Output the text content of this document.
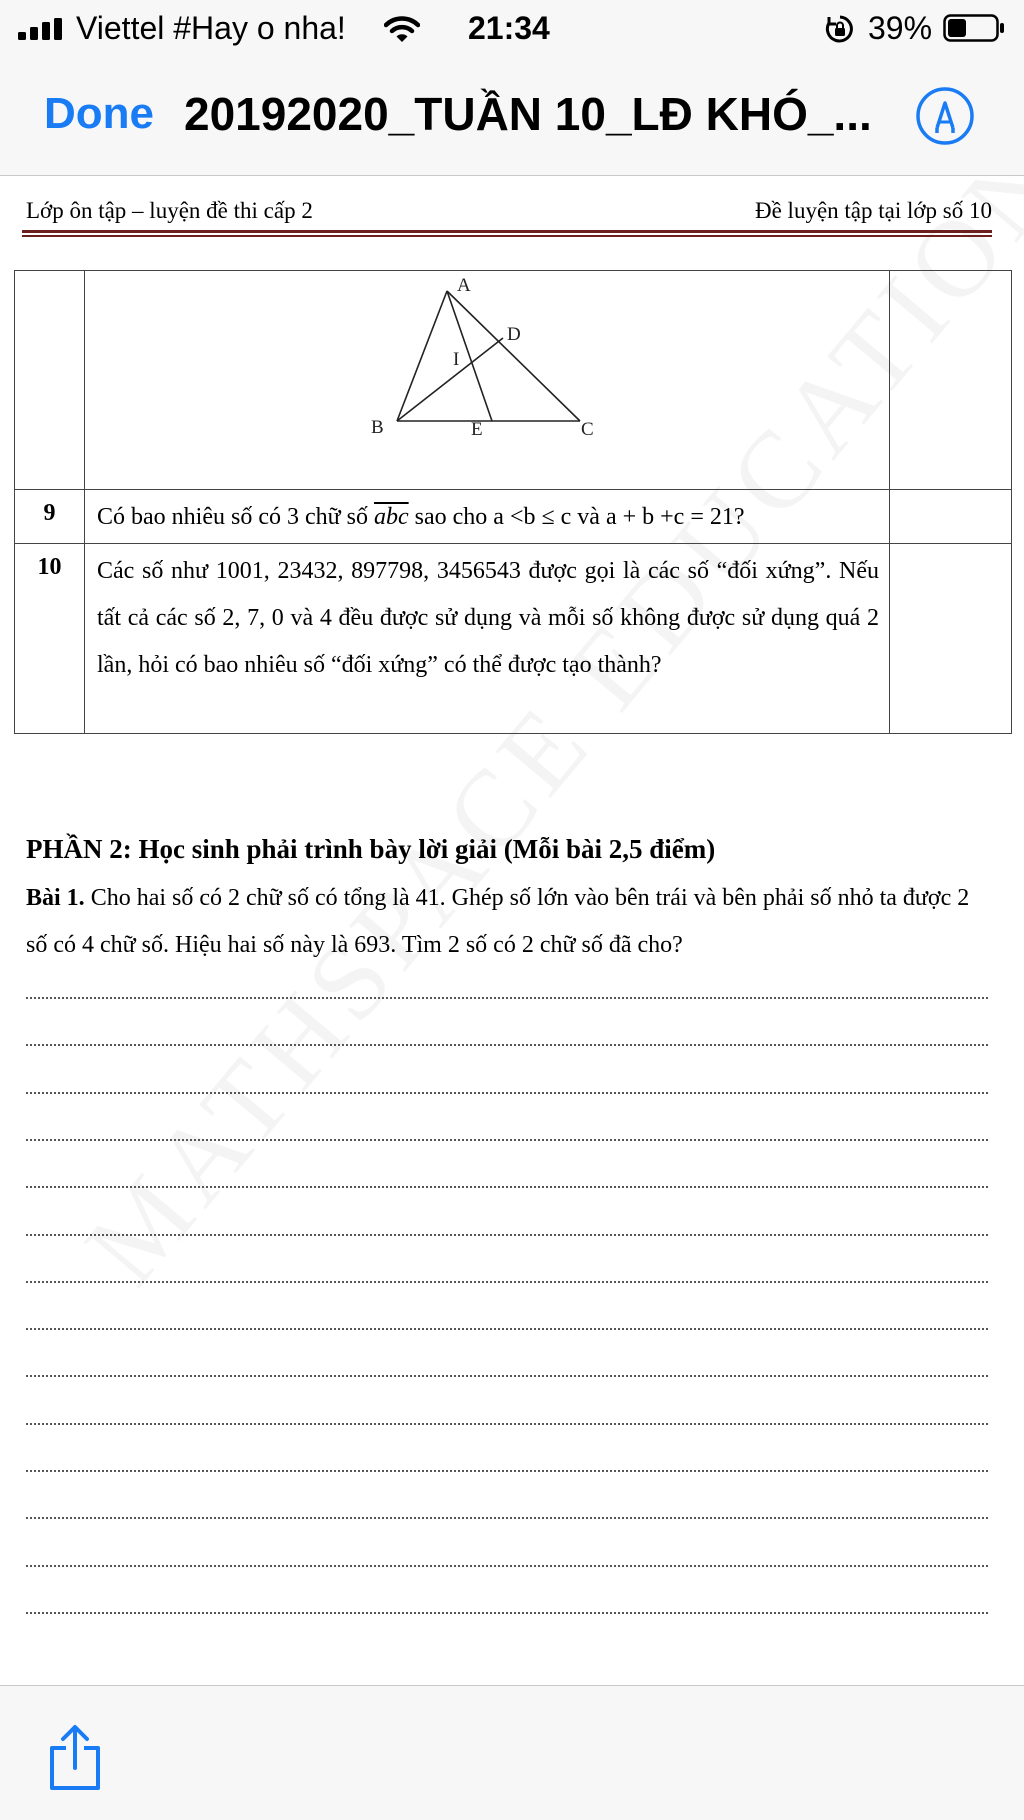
Viettel #Hay o nha!	21:34	39%
Done 20192020_TUẦN 10_LĐ KHÓ_...
Lớp ôn tập – luyện đề thi cấp 2	Đề luyện tập tại lớp số 10
A
D
I
B	E	C
9	Có bao nhiêu số có 3 chữ số $\overline{abc}$ sao cho a <b ≤ c và a + b +c = 21?
10	Các số như 1001, 23432, 897798, 3456543 được gọi là các số “đối xứng”. Nếu tất cả các số 2, 7, 0 và 4 đều được sử dụng và mỗi số không được sử dụng quá 2 lần, hỏi có bao nhiêu số “đối xứng” có thể được tạo thành?
PHẦN 2: Học sinh phải trình bày lời giải (Mỗi bài 2,5 điểm)
Bài 1. Cho hai số có 2 chữ số có tổng là 41. Ghép số lớn vào bên trái và bên phải số nhỏ ta được 2 số có 4 chữ số. Hiệu hai số này là 693. Tìm 2 số có 2 chữ số đã cho?
